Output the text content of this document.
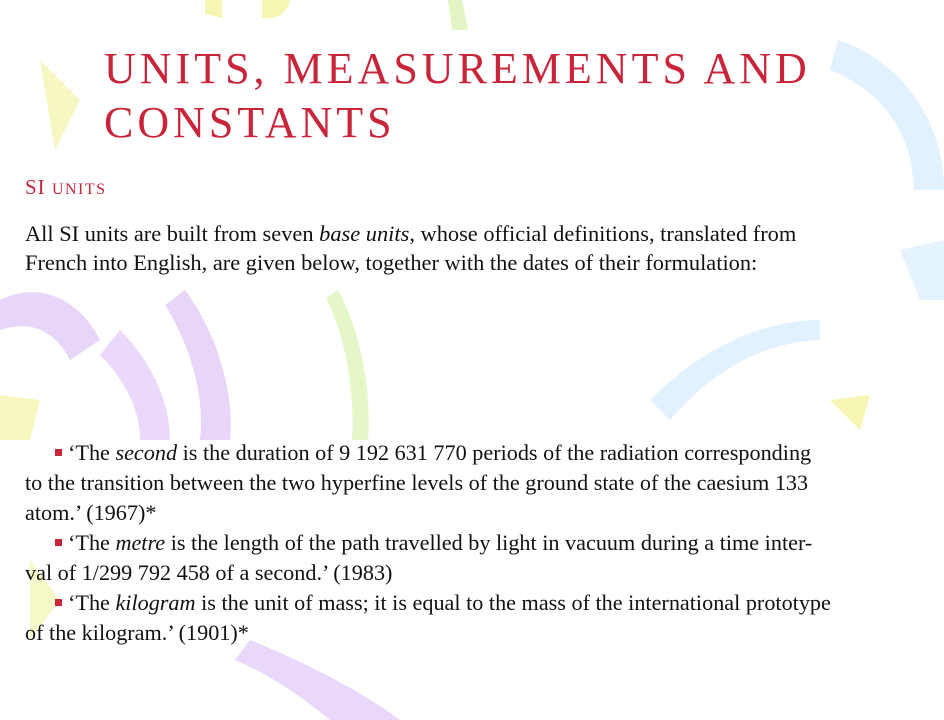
UNITS, MEASUREMENTS AND
CONSTANTS
SI UNITS

All SI units are built from seven base units, whose official definitions, translated from
French into English, are given below, together with the dates of their formulation:

‘The second is the duration of 9 192 631 770 periods of the radiation corresponding
to the transition between the two hyperfine levels of the ground state of the caesium 133
atom.’ (1967)*
‘The metre is the length of the path travelled by light in vacuum during a time inter-
val of 1/299 792 458 of a second.’ (1983)
‘The kilogram is the unit of mass; it is equal to the mass of the international prototype
of the kilogram.’ (1901)*
